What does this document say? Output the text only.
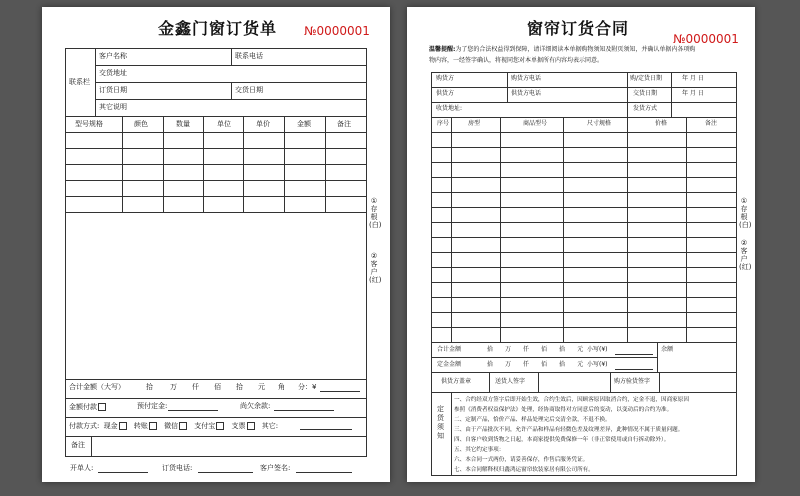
金鑫门窗订货单 №0000001
联系栏
客户名称	联系电话
交货地址
订货日期	交货日期
其它说明
型号规格	颜色	数量	单位	单价	金额	备注
合计金额（大写）	拾 万 仟 佰 拾 元 角 分：¥
金额付款	预付定金:	尚欠余款:
付款方式: 现金 转账 微信 支付宝 支票 其它:
备注
开单人:	订货电话:	客户签名:
①存根(白)
②客户(红)
窗帘订货合同
№0000001
温馨提醒:为了您的合法权益得到保障，请详细阅读本单据购物须知及附页须知，并确认单据内各项购
物内容，一经签字确认，将视同您对本单据所有内容均表示同意。
购货方	购货方电话	购/定货日期	年 月 日
供货方	供货方电话	交货日期	年 月 日
收货地址:	发货方式
序号	房型	商品型号	尺寸规格	价格	备注
合计金额	拾 万 仟 佰 拾 元 小写(¥)	余额
定金金额	拾 万 仟 佰 拾 元 小写(¥)
供货方盖章	送货人签字	购方验货签字
定货须知
一、合约经双方签字后即开始生效，合约生效后，因顾客原因取消合约，定金不退，因商家原因
参照《消费者权益保护法》处理，经协商取得对方同意后的变动，以变动后的合约为准。
二、定制产品，恰价产品、样品处理完后交清全款，不退不换。
三、由于产品批次不同，允许产品和样品有轻微色差及纹理差异，此种情况不属于质量问题。
四、自客户收到货物之日起，本商家提供免费保修一年（非正常使用或自行拆动除外）。
五、其它约定事项：
六、本合同一式两份，请妥善保存，作售后服务凭证。
七、本合同解释权归鑫鸿运窗帘软装家居有限公司所有。
①存根(白)
②客户(红)
